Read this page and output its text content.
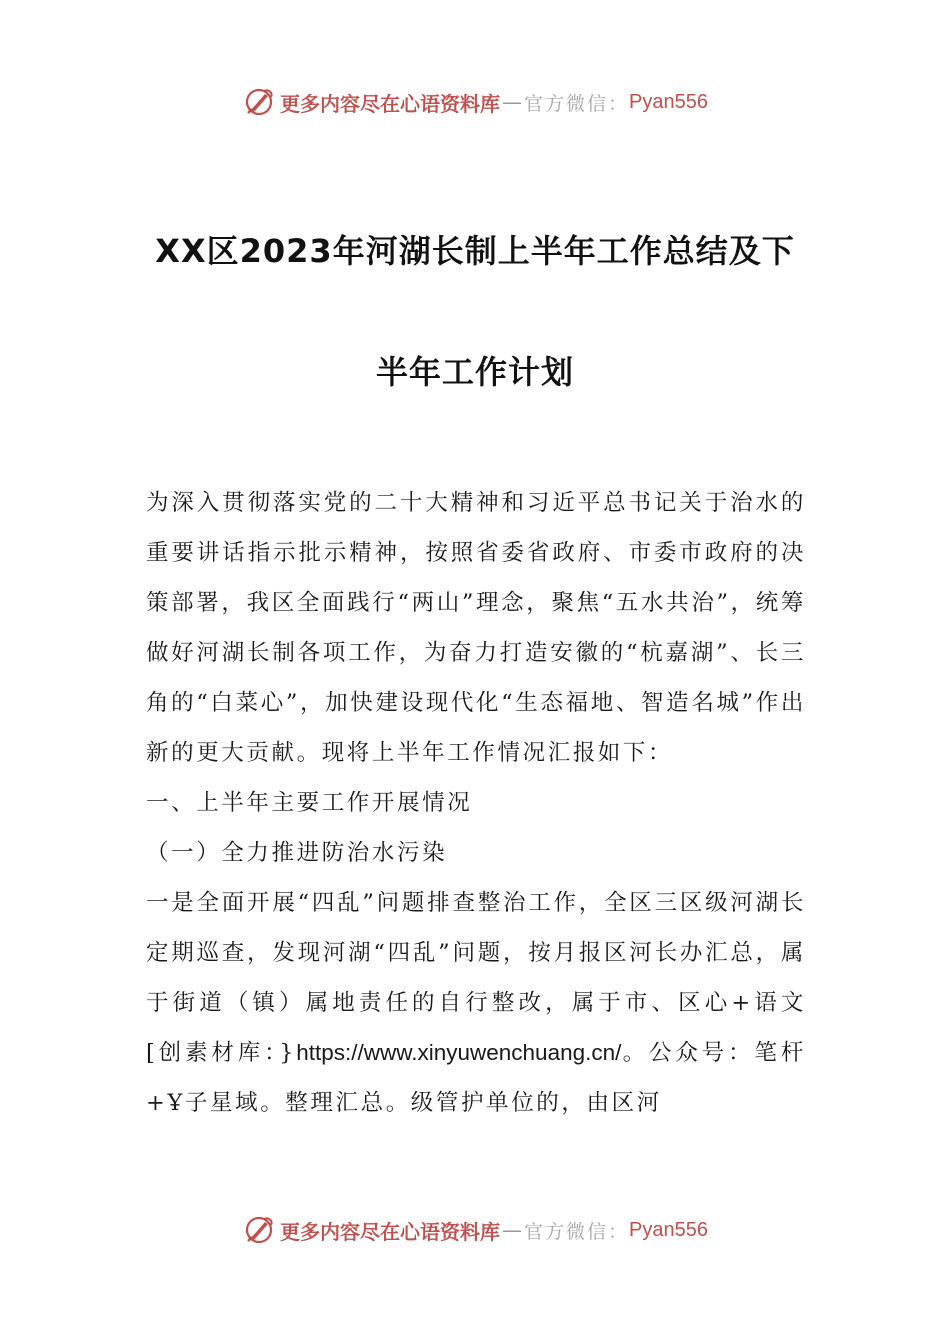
更多内容尽在心语资料库 — 官方微信： Pyan556
XX区2023年河湖长制上半年工作总结及下
半年工作计划

为深入贯彻落实党的二十大精神和习近平总书记关于治水的重要讲话指示批示精神，按照省委省政府、市委市政府的决策部署，我区全面践行“两山”理念，聚焦“五水共治”，统筹做好河湖长制各项工作，为奋力打造安徽的“杭嘉湖”、长三角的“白菜心”，加快建设现代化“生态福地、智造名城”作出新的更大贡献。现将上半年工作情况汇报如下：

一、上半年主要工作开展情况

（一）全力推进防治水污染

一是全面开展“四乱”问题排查整治工作，全区三区级河湖长定期巡查，发现河湖“四乱”问题，按月报区河长办汇总，属于街道（镇）属地责任的自行整改，属于市、区心+语文[创素材库：}https://www.xinyuwenchuang.cn/。公众号：笔杆+Ұ子星域。整理汇总。级管护单位的，由区河

更多内容尽在心语资料库 — 官方微信： Pyan556
